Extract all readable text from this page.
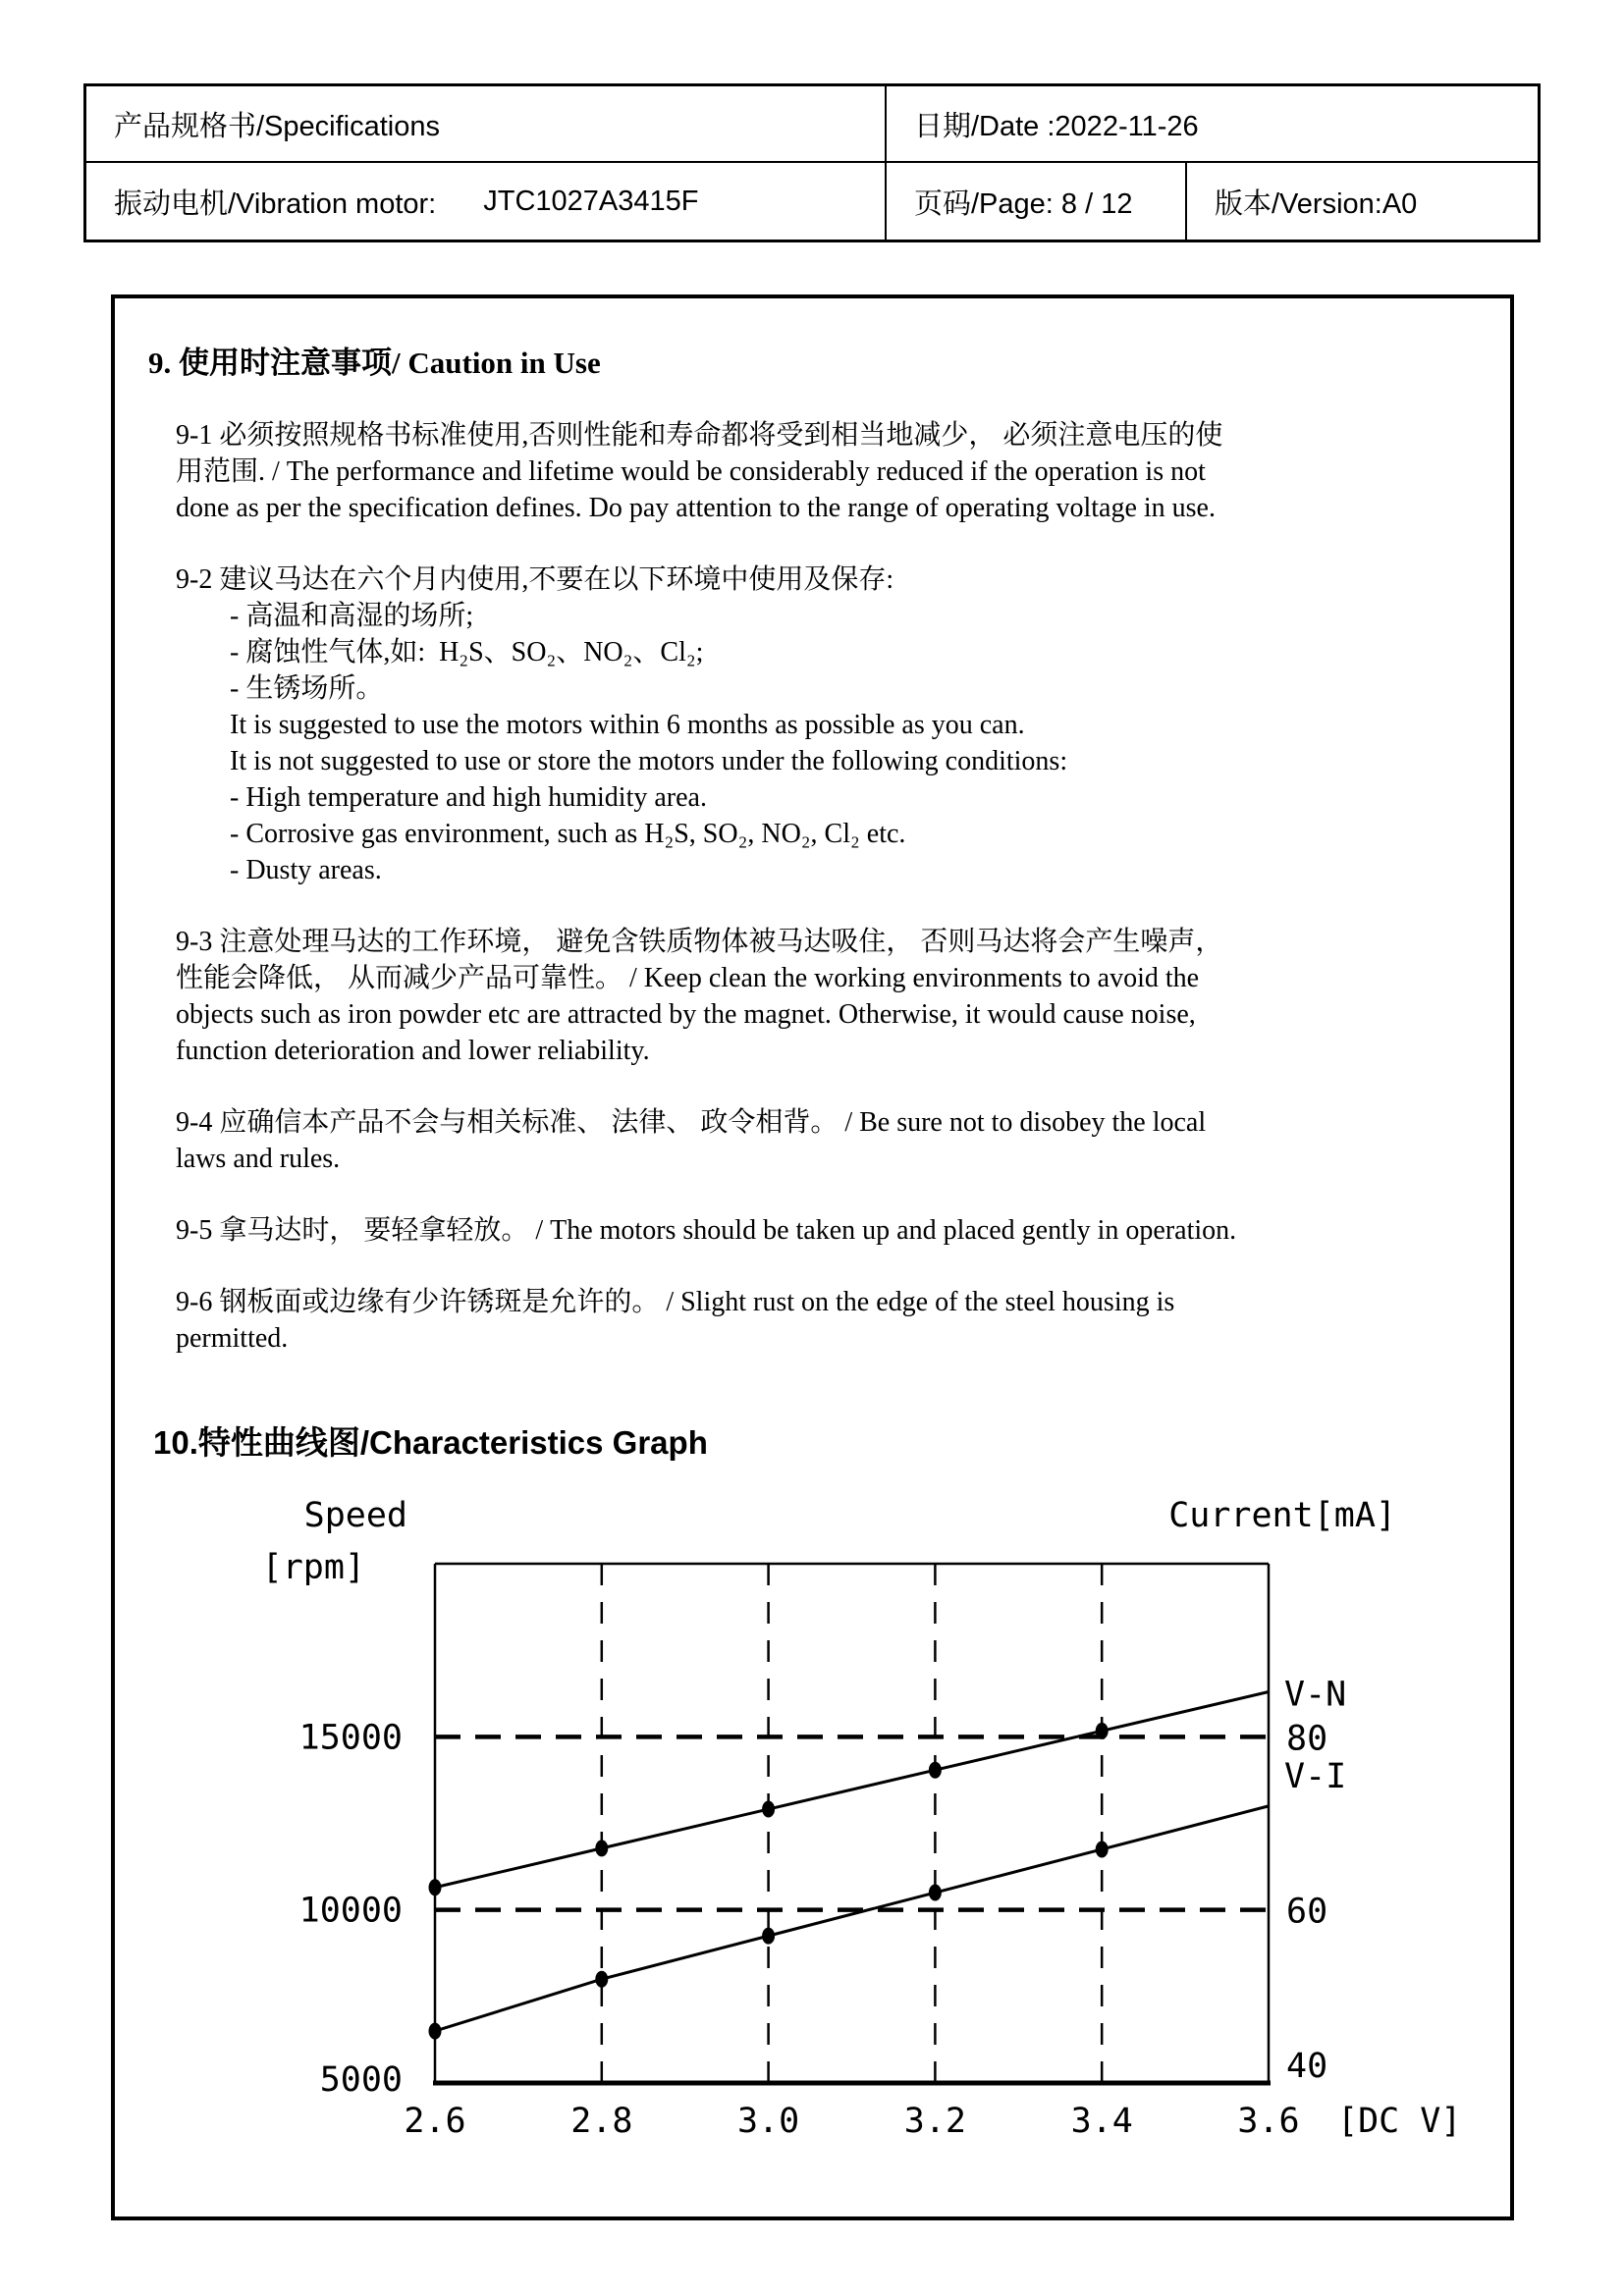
产品规格书/Specifications	日期/Date :2022-11-26
振动电机/Vibration motor: JTC1027A3415F	页码/Page: 8 / 12	版本/Version:A0
9. 使用时注意事项/ Caution in Use
9-1 必须按照规格书标准使用,否则性能和寿命都将受到相当地减少， 必须注意电压的使
用范围. / The performance and lifetime would be considerably reduced if the operation is not
done as per the specification defines. Do pay attention to the range of operating voltage in use.
9-2 建议马达在六个月内使用,不要在以下环境中使用及保存:
- 高温和高湿的场所;
- 腐蚀性气体,如:  H₂S、SO₂、NO₂、Cl₂;
- 生锈场所。
It is suggested to use the motors within 6 months as possible as you can.
It is not suggested to use or store the motors under the following conditions:
- High temperature and high humidity area.
- Corrosive gas environment, such as H₂S, SO₂, NO₂, Cl₂ etc.
- Dusty areas.
9-3 注意处理马达的工作环境， 避免含铁质物体被马达吸住， 否则马达将会产生噪声，
性能会降低， 从而减少产品可靠性。 / Keep clean the working environments to avoid the
objects such as iron powder etc are attracted by the magnet. Otherwise, it would cause noise,
function deterioration and lower reliability.
9-4 应确信本产品不会与相关标准、 法律、 政令相背。 / Be sure not to disobey the local
laws and rules.
9-5 拿马达时， 要轻拿轻放。 / The motors should be taken up and placed gently in operation.
9-6 钢板面或边缘有少许锈斑是允许的。 / Slight rust on the edge of the steel housing is
permitted.
10.特性曲线图/Characteristics Graph
V-N
V-I
5000
10000
15000
40
60
80
2.6	2.8	3.0	3.2	3.4	3.6 [DC V]
Speed
[rpm]
Current[mA]
